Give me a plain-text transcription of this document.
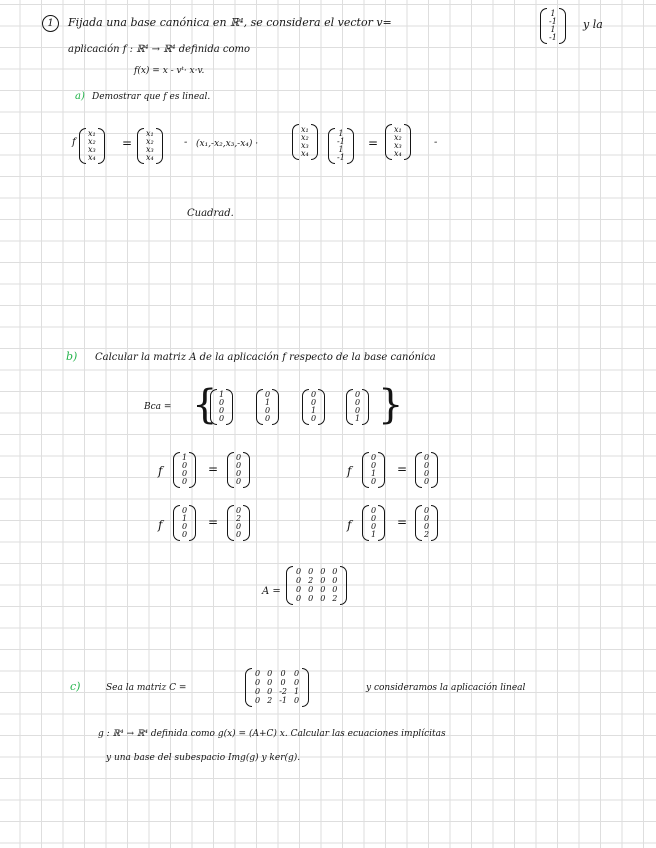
1	Fijada una base canónica en ℝ⁴, se considera el vector v=
1
-1
1
-1
y la
aplicación f : ℝ⁴ → ℝ⁴ definida como
f(x) = x - vᵗ· x·v.
a) Demostrar que f es lineal.
f
x₁
x₂
x₃
x₄
=
x₁
x₂
x₃
x₄
- (x₁,-x₂,x₃,-x₄) ·
x₁
x₂
x₃
x₄
1
-1
1
-1
=
x₁
x₂
x₃
x₄
-
Cuadrad.
b) Calcular la matriz A de la aplicación f respecto de la base canónica
Bca = { 1
0
0
0
0
1
0
0
0
0
1
0
0
0
0
1 }
f
1
0
0
0
=
0
0
0
0
f
0
0
1
0
=
0
0
0
0
f
0
1
0
0
=
0
2
0
0
f
0
0
0
1
=
0
0
0
2
A =
0 0 0 0
0 2 0 0
0 0 0 0
0 0 0 2
c)	Sea la matriz C =
0 0 0 0
0 0 0 0
0 0 -2 1
0 2 -1 0
y consideramos la aplicación lineal
g : ℝ⁴ → ℝ⁴ definida como g(x) = (A+C) x. Calcular las ecuaciones implícitas
y una base del subespacio Img(g) y ker(g).
